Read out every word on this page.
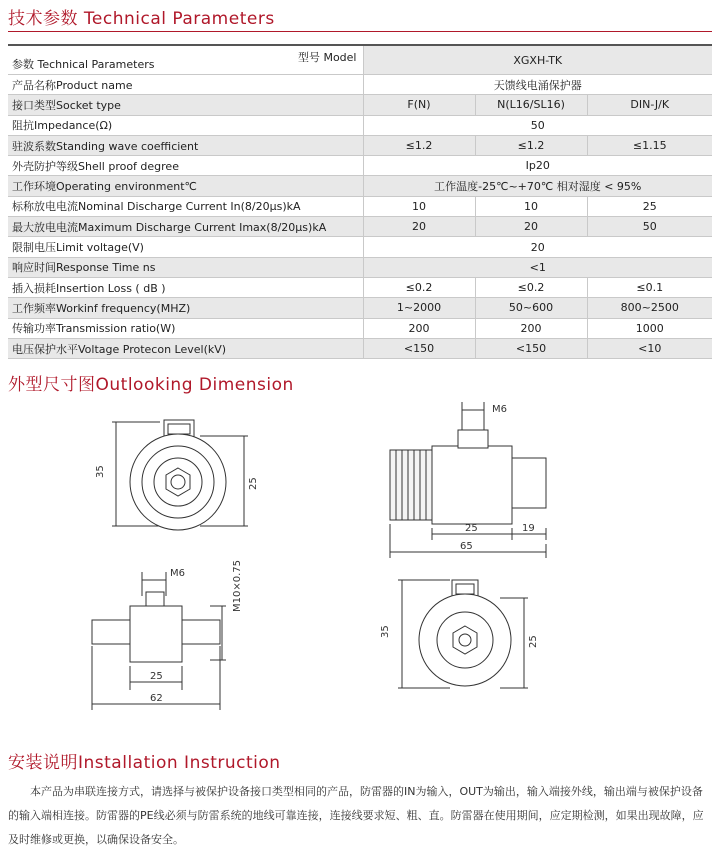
技术参数 Technical Parameters
型号 Model
参数 Technical Parameters	XGXH-TK		
产品名称Product name	天馈线电涌保护器		
接口类型Socket type	F(N)	N(L16/SL16)	DIN-J/K
阻抗Impedance(Ω)	50		
驻波系数Standing wave coefficient	≤1.2	≤1.2	≤1.15
外壳防护等级Shell proof degree	Ip20		
工作环境Operating environment℃	工作温度-25℃~+70℃ 相对湿度 < 95%		
标称放电电流Nominal Discharge Current In(8/20μs)kA	10	10	25
最大放电电流Maximum Discharge Current Imax(8/20μs)kA	20	20	50
限制电压Limit voltage(V)	20		
响应时间Response Time ns	<1		
插入损耗Insertion Loss ( dB )	≤0.2	≤0.2	≤0.1
工作频率Workinf frequency(MHZ)	1~2000	50~600	800~2500
传输功率Transmission ratio(W)	200	200	1000
电压保护水平Voltage Protecon Level(kV)	<150	<150	<10
外型尺寸图Outlooking Dimension
35
25
M6
25	19
65
M6	M10×0.75
25
62
35
25
安装说明Installation Instruction
本产品为串联连接方式，请选择与被保护设备接口类型相同的产品，防雷器的IN为输入，OUT为输出，输入端接外线，输出端与被保护设备的输入端相连接。防雷器的PE线必须与防雷系统的地线可靠连接，连接线要求短、粗、直。防雷器在使用期间，应定期检测，如果出现故障，应及时维修或更换，以确保设备安全。
